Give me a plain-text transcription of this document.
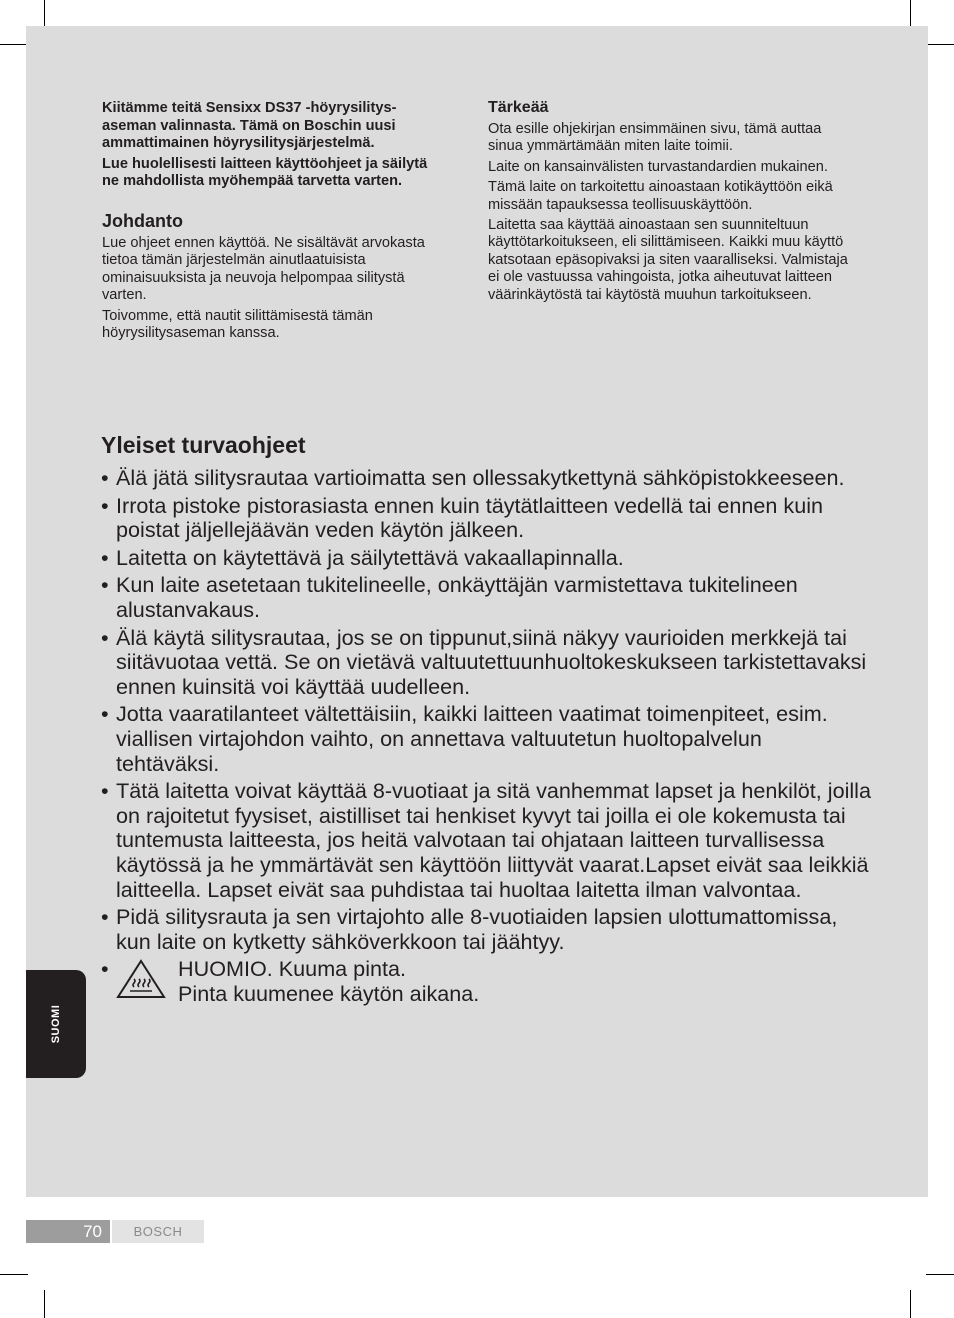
Kiitämme teitä Sensixx DS37 -höyrysilitys-aseman valinnasta. Tämä on Boschin uusi ammattimainen höyrysilitysjärjestelmä.

Lue huolellisesti laitteen käyttöohjeet ja säilytä ne mahdollista myöhempää tarvetta varten.

Johdanto

Lue ohjeet ennen käyttöä. Ne sisältävät arvokasta tietoa tämän järjestelmän ainutlaatuisista ominaisuuksista ja neuvoja helpompaa silitystä varten.

Toivomme, että nautit silittämisestä tämän höyrysilitysaseman kanssa.

Tärkeää

Ota esille ohjekirjan ensimmäinen sivu, tämä auttaa sinua ymmärtämään miten laite toimii.

Laite on kansainvälisten turvastandardien mukainen.

Tämä laite on tarkoitettu ainoastaan kotikäyttöön eikä missään tapauksessa teollisuuskäyttöön.

Laitetta saa käyttää ainoastaan sen suunniteltuun käyttötarkoitukseen, eli silittämiseen. Kaikki muu käyttö katsotaan epäsopivaksi ja siten vaaralliseksi. Valmistaja ei ole vastuussa vahingoista, jotka aiheutuvat laitteen väärinkäytöstä tai käytöstä muuhun tarkoitukseen.

Yleiset turvaohjeet
• Älä jätä silitysrautaa vartioimatta sen ollessakytkettynä sähköpistokkeeseen.
• Irrota pistoke pistorasiasta ennen kuin täytätlaitteen vedellä tai ennen kuin poistat jäljellejäävän veden käytön jälkeen.
• Laitetta on käytettävä ja säilytettävä vakaallapinnalla.
• Kun laite asetetaan tukitelineelle, onkäyttäjän varmistettava tukitelineen alustanvakaus.
• Älä käytä silitysrautaa, jos se on tippunut,siinä näkyy vaurioiden merkkejä tai siitävuotaa vettä. Se on vietävä valtuutettuunhuoltokeskukseen tarkistettavaksi ennen kuinsitä voi käyttää uudelleen.
• Jotta vaaratilanteet vältettäisiin, kaikki laitteen vaatimat toimenpiteet, esim. viallisen virtajohdon vaihto, on annettava valtuutetun huoltopalvelun tehtäväksi.
• Tätä laitetta voivat käyttää 8-vuotiaat ja sitä vanhemmat lapset ja henkilöt, joilla on rajoitetut fyysiset, aistilliset tai henkiset kyvyt tai joilla ei ole kokemusta tai tuntemusta laitteesta, jos heitä valvotaan tai ohjataan laitteen turvallisessa käytössä ja he ymmärtävät sen käyttöön liittyvät vaarat.Lapset eivät saa leikkiä laitteella. Lapset eivät saa puhdistaa tai huoltaa laitetta ilman valvontaa.
• Pidä silitysrauta ja sen virtajohto alle 8-vuotiaiden lapsien ulottumattomissa, kun laite on kytketty sähköverkkoon tai jäähtyy.
•	HUOMIO. Kuuma pinta.
Pinta kuumenee käytön aikana.
SUOMI
70	BOSCH
